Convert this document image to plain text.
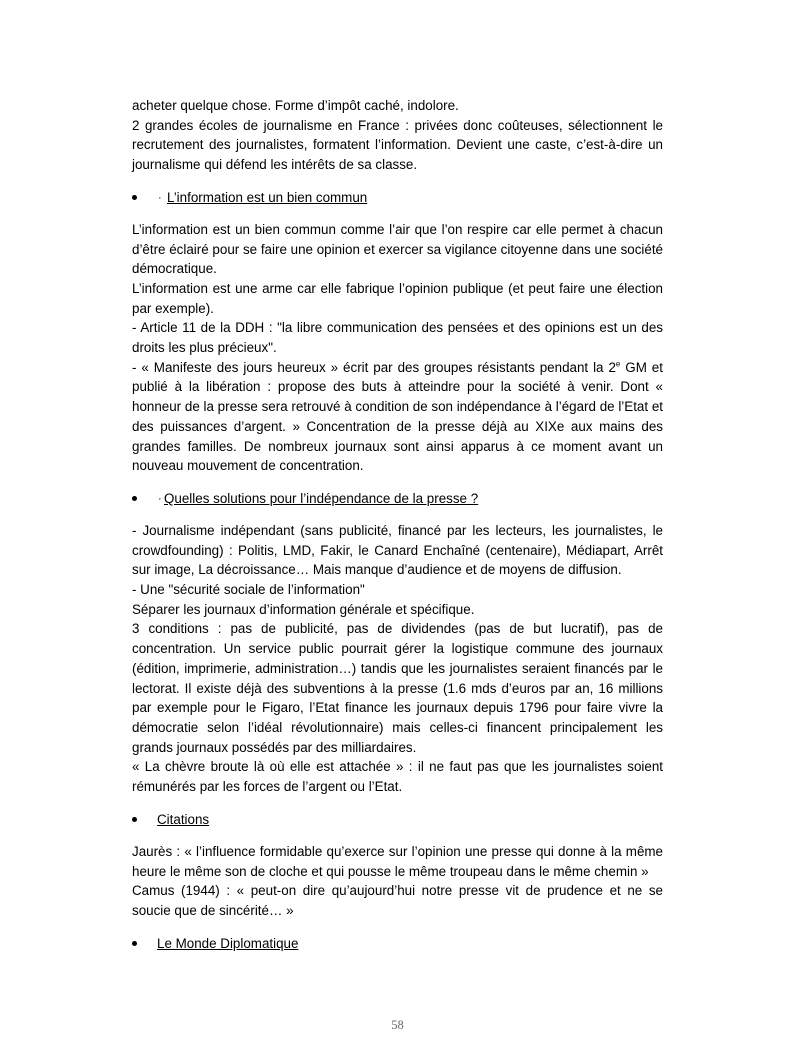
acheter quelque chose. Forme d’impôt caché, indolore.

2 grandes écoles de journalisme en France : privées donc coûteuses, sélectionnent le recrutement des journalistes, formatent l’information. Devient une caste, c’est-à-dire un journalisme qui défend les intérêts de sa classe.

· L’information est un bien commun

L’information est un bien commun comme l’air que l’on respire car elle permet à chacun d’être éclairé pour se faire une opinion et exercer sa vigilance citoyenne dans une société démocratique.

L’information est une arme car elle fabrique l’opinion publique (et peut faire une élection par exemple).

- Article 11 de la DDH : "la libre communication des pensées et des opinions est un des droits les plus précieux".

- « Manifeste des jours heureux » écrit par des groupes résistants pendant la 2e GM et publié à la libération : propose des buts à atteindre pour la société à venir. Dont « honneur de la presse sera retrouvé à condition de son indépendance à l’égard de l’Etat et des puissances d’argent. » Concentration de la presse déjà au XIXe aux mains des grandes familles. De nombreux journaux sont ainsi apparus à ce moment avant un nouveau mouvement de concentration.

· Quelles solutions pour l’indépendance de la presse ?

- Journalisme indépendant (sans publicité, financé par les lecteurs, les journalistes, le crowdfounding) : Politis, LMD, Fakir, le Canard Enchaîné (centenaire), Médiapart, Arrêt sur image, La décroissance… Mais manque d’audience et de moyens de diffusion.

- Une "sécurité sociale de l’information"

Séparer les journaux d’information générale et spécifique.

3 conditions : pas de publicité, pas de dividendes (pas de but lucratif), pas de concentration. Un service public pourrait gérer la logistique commune des journaux (édition, imprimerie, administration…) tandis que les journalistes seraient financés par le lectorat. Il existe déjà des subventions à la presse (1.6 mds d’euros par an, 16 millions par exemple pour le Figaro, l’Etat finance les journaux depuis 1796 pour faire vivre la démocratie selon l’idéal révolutionnaire) mais celles-ci financent principalement les grands journaux possédés par des milliardaires.

« La chèvre broute là où elle est attachée » : il ne faut pas que les journalistes soient rémunérés par les forces de l’argent ou l’Etat.

Citations

Jaurès : « l’influence formidable qu’exerce sur l’opinion une presse qui donne à la même heure le même son de cloche et qui pousse le même troupeau dans le même chemin »

Camus (1944) : « peut-on dire qu’aujourd’hui notre presse vit de prudence et ne se soucie que de sincérité… »

Le Monde Diplomatique
58
